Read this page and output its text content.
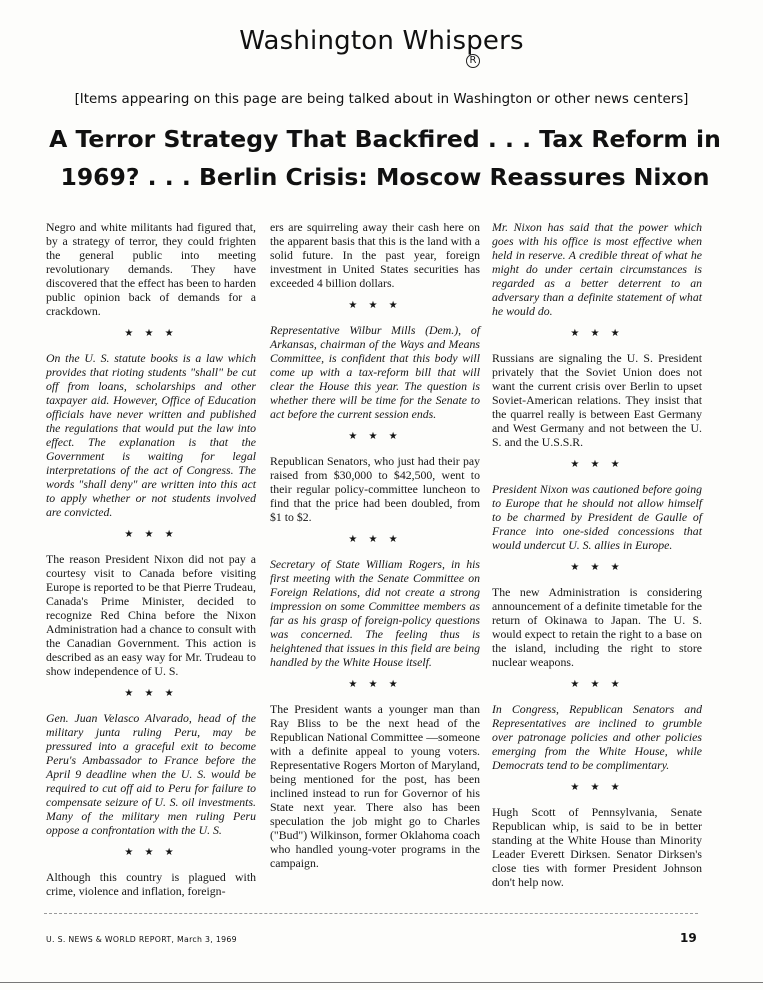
Washington Whispers
R
[Items appearing on this page are being talked about in Washington or other news centers]
A Terror Strategy That Backfired . . . Tax Reform in
1969? . . . Berlin Crisis: Moscow Reassures Nixon

Negro and white militants had figured that, by a strategy of terror, they could frighten the general public into meeting revolutionary demands. They have discovered that the effect has been to harden public opinion back of demands for a crackdown.

★ ★ ★

On the U. S. statute books is a law which provides that rioting students "shall" be cut off from loans, scholarships and other taxpayer aid. However, Office of Education officials have never written and published the regulations that would put the law into effect. The explanation is that the Government is waiting for legal interpretations of the act of Congress. The words "shall deny" are written into this act to apply whether or not students involved are convicted.

★ ★ ★

The reason President Nixon did not pay a courtesy visit to Canada before visiting Europe is reported to be that Pierre Trudeau, Canada's Prime Minister, decided to recognize Red China before the Nixon Administration had a chance to consult with the Canadian Government. This action is described as an easy way for Mr. Trudeau to show independence of U. S.

★ ★ ★

Gen. Juan Velasco Alvarado, head of the military junta ruling Peru, may be pressured into a graceful exit to become Peru's Ambassador to France before the April 9 deadline when the U. S. would be required to cut off aid to Peru for failure to compensate seizure of U. S. oil investments. Many of the military men ruling Peru oppose a confrontation with the U. S.

★ ★ ★

Although this country is plagued with crime, violence and inflation, foreign-

ers are squirreling away their cash here on the apparent basis that this is the land with a solid future. In the past year, foreign investment in United States securities has exceeded 4 billion dollars.

★ ★ ★

Representative Wilbur Mills (Dem.), of Arkansas, chairman of the Ways and Means Committee, is confident that this body will come up with a tax-reform bill that will clear the House this year. The question is whether there will be time for the Senate to act before the current session ends.

★ ★ ★

Republican Senators, who just had their pay raised from $30,000 to $42,500, went to their regular policy-committee luncheon to find that the price had been doubled, from $1 to $2.

★ ★ ★

Secretary of State William Rogers, in his first meeting with the Senate Committee on Foreign Relations, did not create a strong impression on some Committee members as far as his grasp of foreign-policy questions was concerned. The feeling thus is heightened that issues in this field are being handled by the White House itself.

★ ★ ★

The President wants a younger man than Ray Bliss to be the next head of the Republican National Committee —someone with a definite appeal to young voters. Representative Rogers Morton of Maryland, being mentioned for the post, has been inclined instead to run for Governor of his State next year. There also has been speculation the job might go to Charles ("Bud") Wilkinson, former Oklahoma coach who handled young-voter programs in the campaign.

Mr. Nixon has said that the power which goes with his office is most effective when held in reserve. A credible threat of what he might do under certain circumstances is regarded as a better deterrent to an adversary than a definite statement of what he would do.

★ ★ ★

Russians are signaling the U. S. President privately that the Soviet Union does not want the current crisis over Berlin to upset Soviet-American relations. They insist that the quarrel really is between East Germany and West Germany and not between the U. S. and the U.S.S.R.

★ ★ ★

President Nixon was cautioned before going to Europe that he should not allow himself to be charmed by President de Gaulle of France into one-sided concessions that would undercut U. S. allies in Europe.

★ ★ ★

The new Administration is considering announcement of a definite timetable for the return of Okinawa to Japan. The U. S. would expect to retain the right to a base on the island, including the right to store nuclear weapons.

★ ★ ★

In Congress, Republican Senators and Representatives are inclined to grumble over patronage policies and other policies emerging from the White House, while Democrats tend to be complimentary.

★ ★ ★

Hugh Scott of Pennsylvania, Senate Republican whip, is said to be in better standing at the White House than Minority Leader Everett Dirksen. Senator Dirksen's close ties with former President Johnson don't help now.

U. S. NEWS & WORLD REPORT, March 3, 1969	19
